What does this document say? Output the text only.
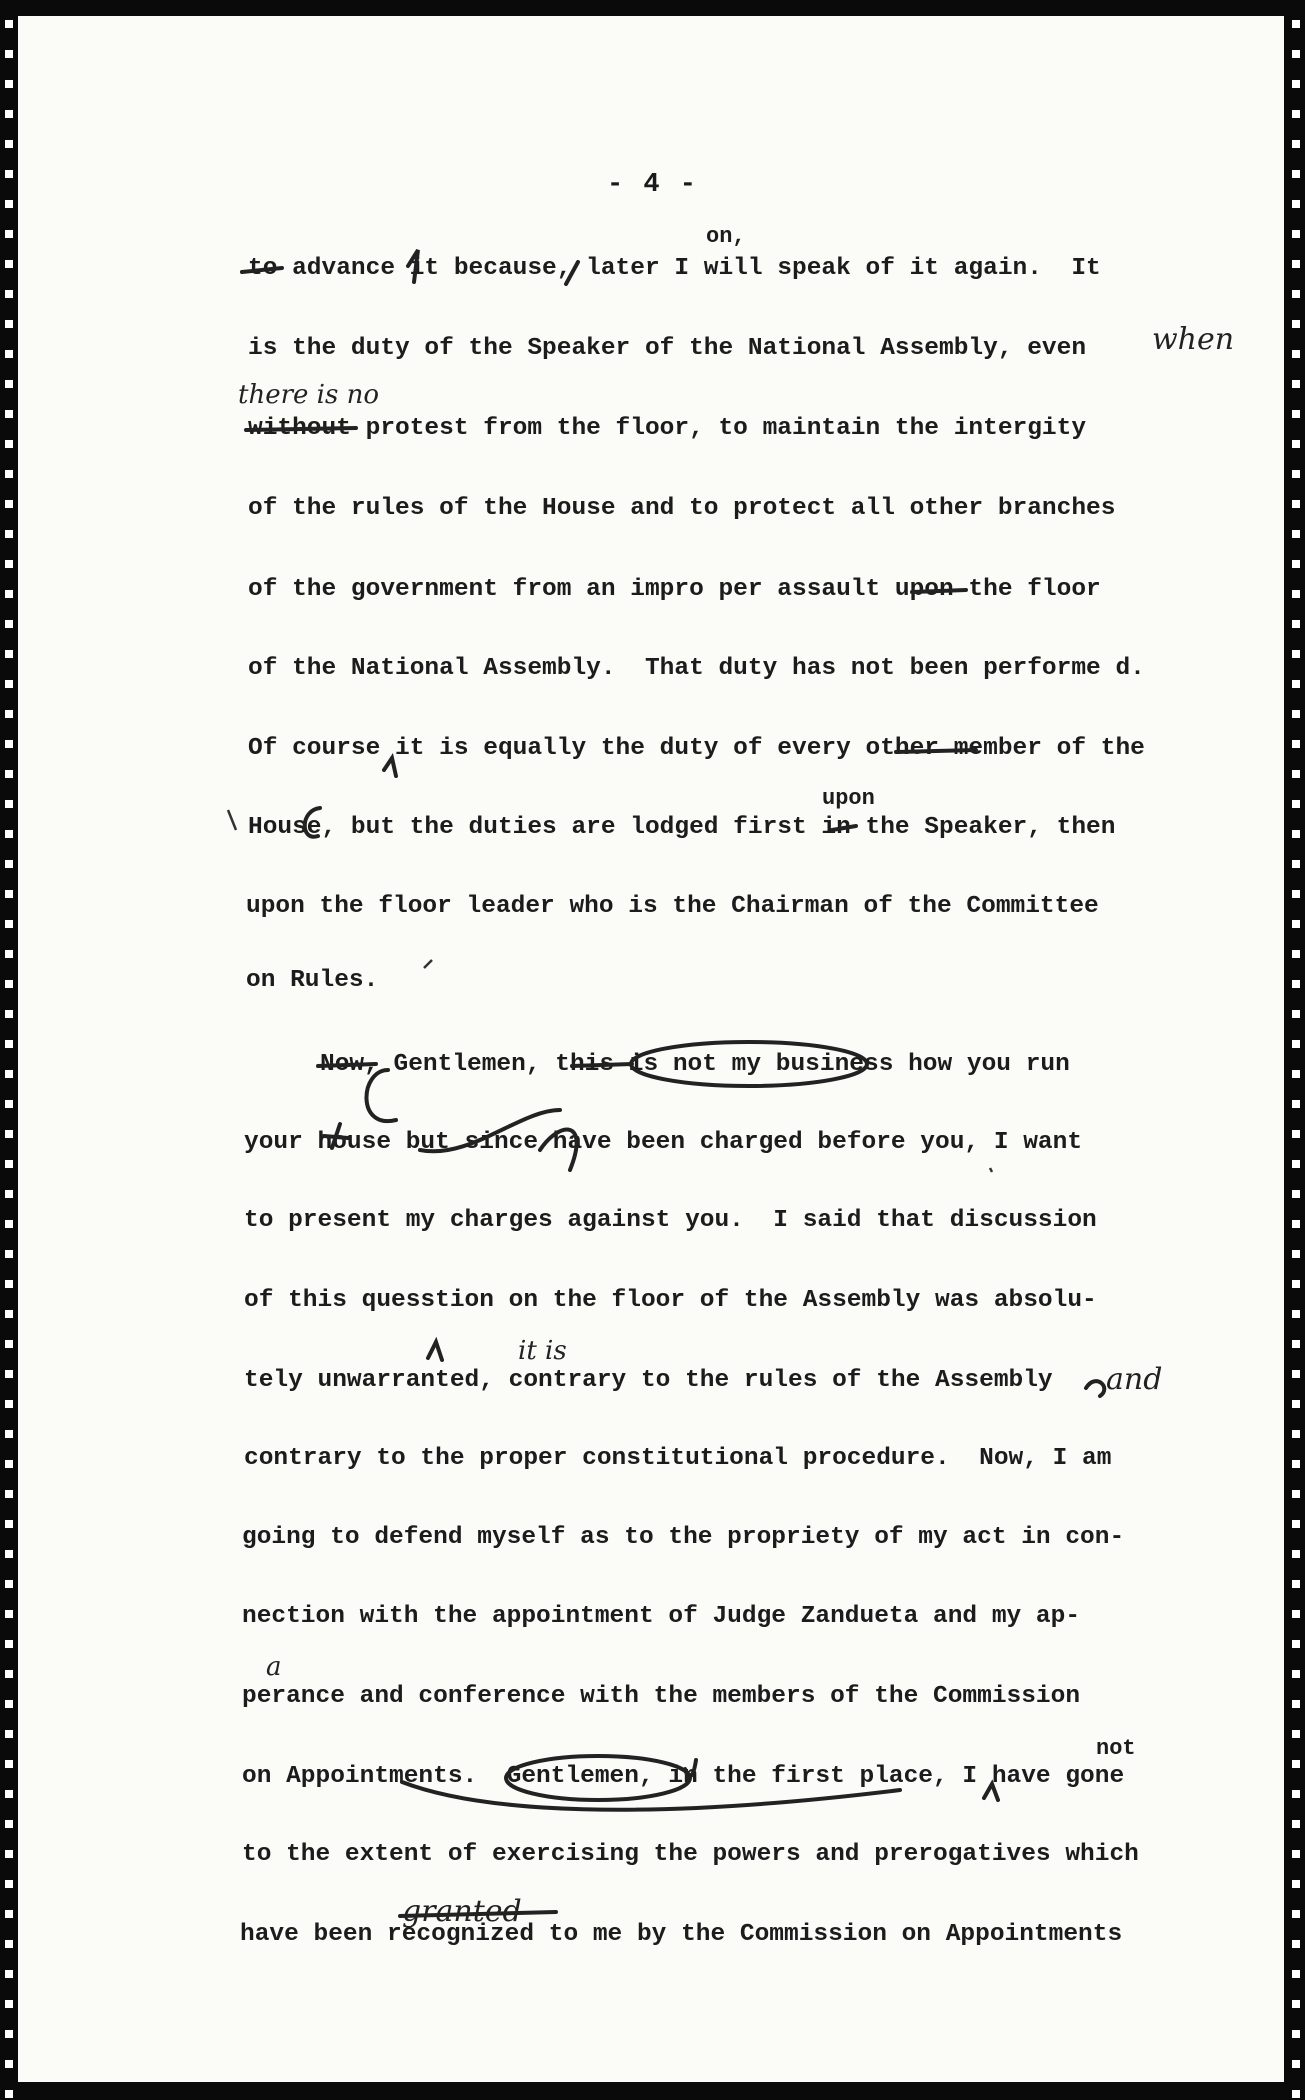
- 4 -
to advance it because, later I will speak of it again.  It
is the duty of the Speaker of the National Assembly, even
without protest from the floor, to maintain the intergity
of the rules of the House and to protect all other branches
of the government from an impro per assault upon the floor
of the National Assembly.  That duty has not been performe d.
Of course it is equally the duty of every other member of the
House, but the duties are lodged first in the Speaker, then
upon the floor leader who is the Chairman of the Committee
on Rules.
Now, Gentlemen, this is not my business how you run
your house but since have been charged before you, I want
to present my charges against you.  I said that discussion
of this quesstion on the floor of the Assembly was absolu-
tely unwarranted, contrary to the rules of the Assembly
contrary to the proper constitutional procedure.  Now, I am
going to defend myself as to the propriety of my act in con-
nection with the appointment of Judge Zandueta and my ap-
perance and conference with the members of the Commission
on Appointments.  Gentlemen, in the first place, I have gone
to the extent of exercising the powers and prerogatives which
have been recognized to me by the Commission on Appointments
on,
upon
not
when
there is no
it is
and
granted
a
